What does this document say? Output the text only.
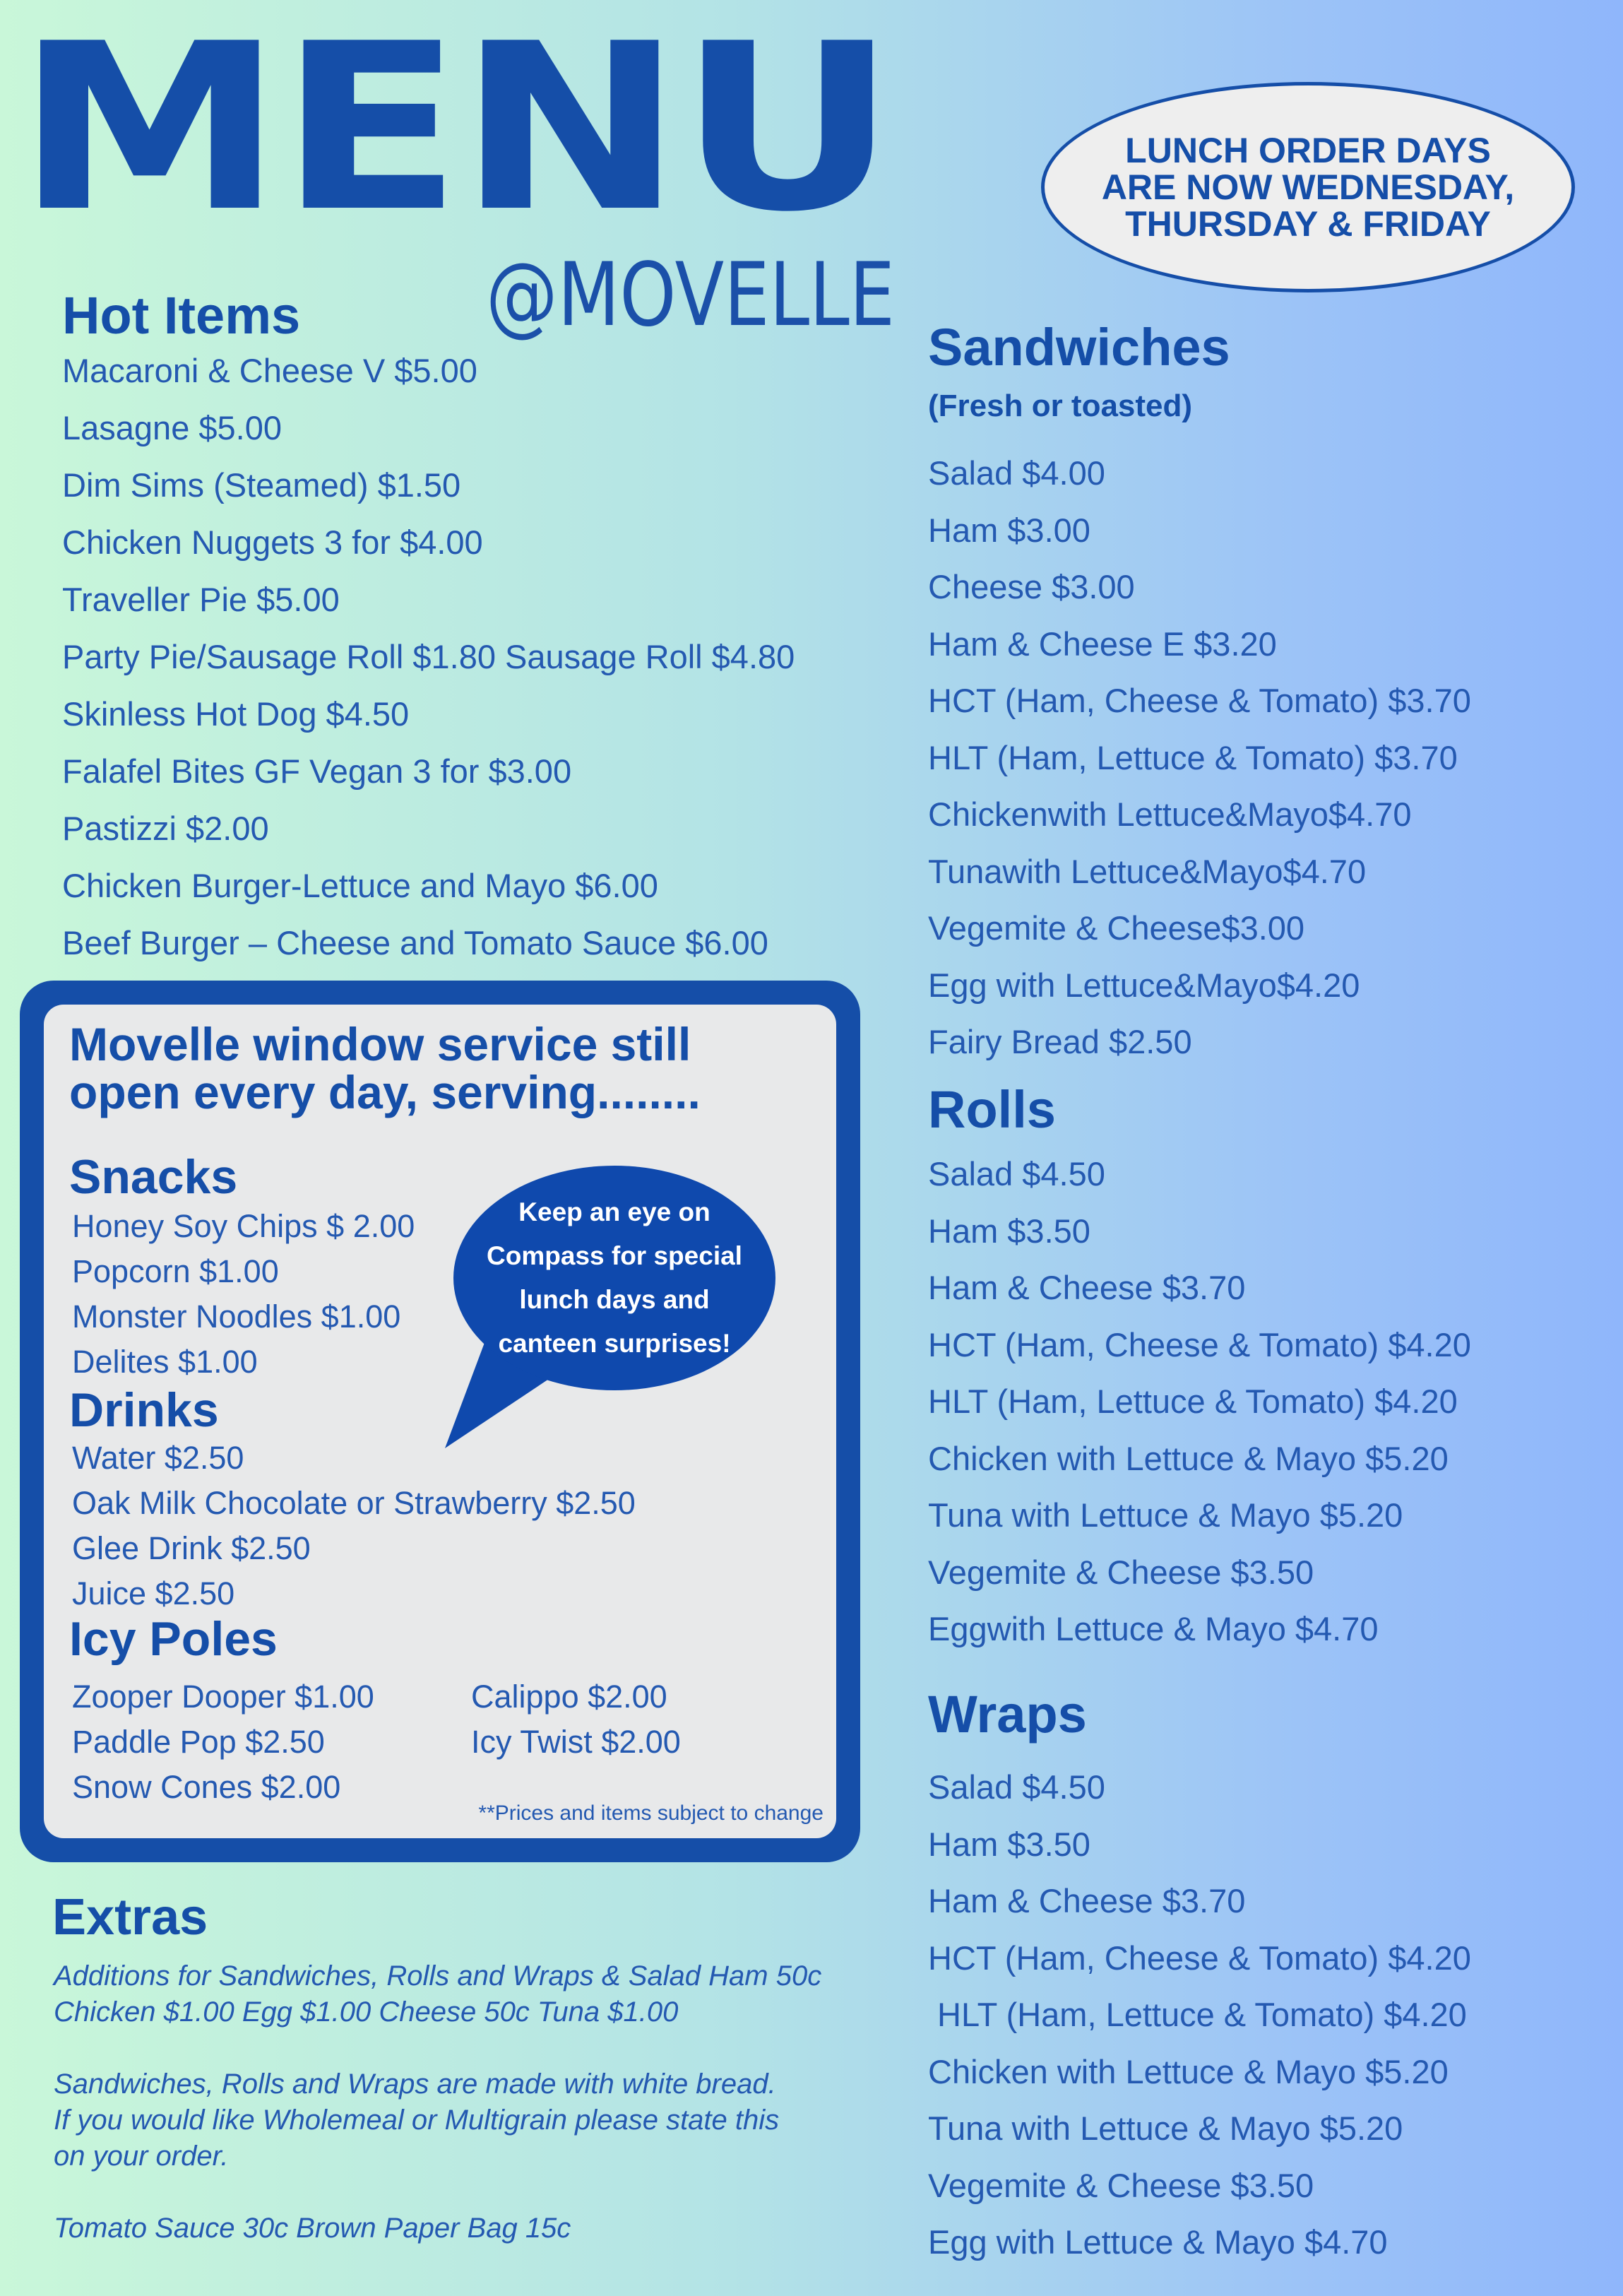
MENU
@MOVELLE
LUNCH ORDER DAYS
ARE NOW WEDNESDAY,
THURSDAY & FRIDAY
Hot Items
Macaroni & Cheese V $5.00
Lasagne $5.00
Dim Sims (Steamed) $1.50
Chicken Nuggets 3 for $4.00
Traveller Pie $5.00
Party Pie/Sausage Roll $1.80 Sausage Roll $4.80
Skinless Hot Dog $4.50
Falafel Bites GF Vegan 3 for $3.00
Pastizzi $2.00
Chicken Burger-Lettuce and Mayo $6.00
Beef Burger – Cheese and Tomato Sauce $6.00
Movelle window service still
open every day, serving........
Snacks
Honey Soy Chips $ 2.00
Popcorn $1.00
Monster Noodles $1.00
Delites $1.00
Drinks
Water $2.50
Oak Milk Chocolate or Strawberry $2.50
Glee Drink $2.50
Juice $2.50
Icy Poles
Zooper Dooper $1.00
Paddle Pop $2.50
Snow Cones $2.00
Calippo $2.00
Icy Twist $2.00
**Prices and items subject to change
Keep an eye on
Compass for special
lunch days and
canteen surprises!
Extras

Additions for Sandwiches, Rolls and Wraps & Salad Ham 50c

Chicken $1.00 Egg $1.00 Cheese 50c Tuna $1.00

Sandwiches, Rolls and Wraps are made with white bread.

If you would like Wholemeal or Multigrain please state this

on your order.

Tomato Sauce 30c Brown Paper Bag 15c

Sandwiches
(Fresh or toasted)
Salad $4.00
Ham $3.00
Cheese $3.00
Ham & Cheese E $3.20
HCT (Ham, Cheese & Tomato) $3.70
HLT (Ham, Lettuce & Tomato) $3.70
Chickenwith Lettuce&Mayo$4.70
Tunawith Lettuce&Mayo$4.70
Vegemite & Cheese$3.00
Egg with Lettuce&Mayo$4.20
Fairy Bread $2.50
Rolls
Salad $4.50
Ham $3.50
Ham & Cheese $3.70
HCT (Ham, Cheese & Tomato) $4.20
HLT (Ham, Lettuce & Tomato) $4.20
Chicken with Lettuce & Mayo $5.20
Tuna with Lettuce & Mayo $5.20
Vegemite & Cheese $3.50
Eggwith Lettuce & Mayo $4.70
Wraps
Salad $4.50
Ham $3.50
Ham & Cheese $3.70
HCT (Ham, Cheese & Tomato) $4.20
HLT (Ham, Lettuce & Tomato) $4.20
Chicken with Lettuce & Mayo $5.20
Tuna with Lettuce & Mayo $5.20
Vegemite & Cheese $3.50
Egg with Lettuce & Mayo $4.70
